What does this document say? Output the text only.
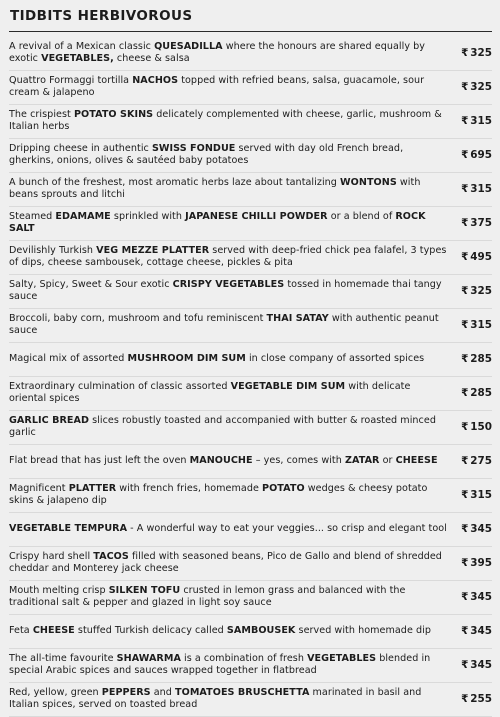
TIDBITS HERBIVOROUS
A revival of a Mexican classic QUESADILLA where the honours are shared equally by exotic VEGETABLES, cheese & salsa	₹ 325
Quattro Formaggi tortilla NACHOS topped with refried beans, salsa, guacamole, sour cream & jalapeno	₹ 325
The crispiest POTATO SKINS delicately complemented with cheese, garlic, mushroom & Italian herbs	₹ 315
Dripping cheese in authentic SWISS FONDUE served with day old French bread, gherkins, onions, olives & sautéed baby potatoes	₹ 695
A bunch of the freshest, most aromatic herbs laze about tantalizing WONTONS with beans sprouts and litchi	₹ 315
Steamed EDAMAME sprinkled with JAPANESE CHILLI POWDER or a blend of ROCK SALT	₹ 375
Devilishly Turkish VEG MEZZE PLATTER served with deep-fried chick pea falafel, 3 types of dips, cheese sambousek, cottage cheese, pickles & pita	₹ 495
Salty, Spicy, Sweet & Sour exotic CRISPY VEGETABLES tossed in homemade thai tangy sauce	₹ 325
Broccoli, baby corn, mushroom and tofu reminiscent THAI SATAY with authentic peanut sauce	₹ 315
Magical mix of assorted MUSHROOM DIM SUM in close company of assorted spices	₹ 285
Extraordinary culmination of classic assorted VEGETABLE DIM SUM with delicate oriental spices	₹ 285
GARLIC BREAD slices robustly toasted and accompanied with butter & roasted minced garlic	₹ 150
Flat bread that has just left the oven MANOUCHE – yes, comes with ZATAR or CHEESE	₹ 275
Magnificent PLATTER with french fries, homemade POTATO wedges & cheesy potato skins & jalapeno dip	₹ 315
VEGETABLE TEMPURA - A wonderful way to eat your veggies... so crisp and elegant tool	₹ 345
Crispy hard shell TACOS filled with seasoned beans, Pico de Gallo and blend of shredded cheddar and Monterey jack cheese	₹ 395
Mouth melting crisp SILKEN TOFU crusted in lemon grass and balanced with the traditional salt & pepper and glazed in light soy sauce	₹ 345
Feta CHEESE stuffed Turkish delicacy called SAMBOUSEK served with homemade dip	₹ 345
The all-time favourite SHAWARMA is a combination of fresh VEGETABLES blended in special Arabic spices and sauces wrapped together in flatbread	₹ 345
Red, yellow, green PEPPERS and TOMATOES BRUSCHETTA marinated in basil and Italian spices, served on toasted bread	₹ 255
